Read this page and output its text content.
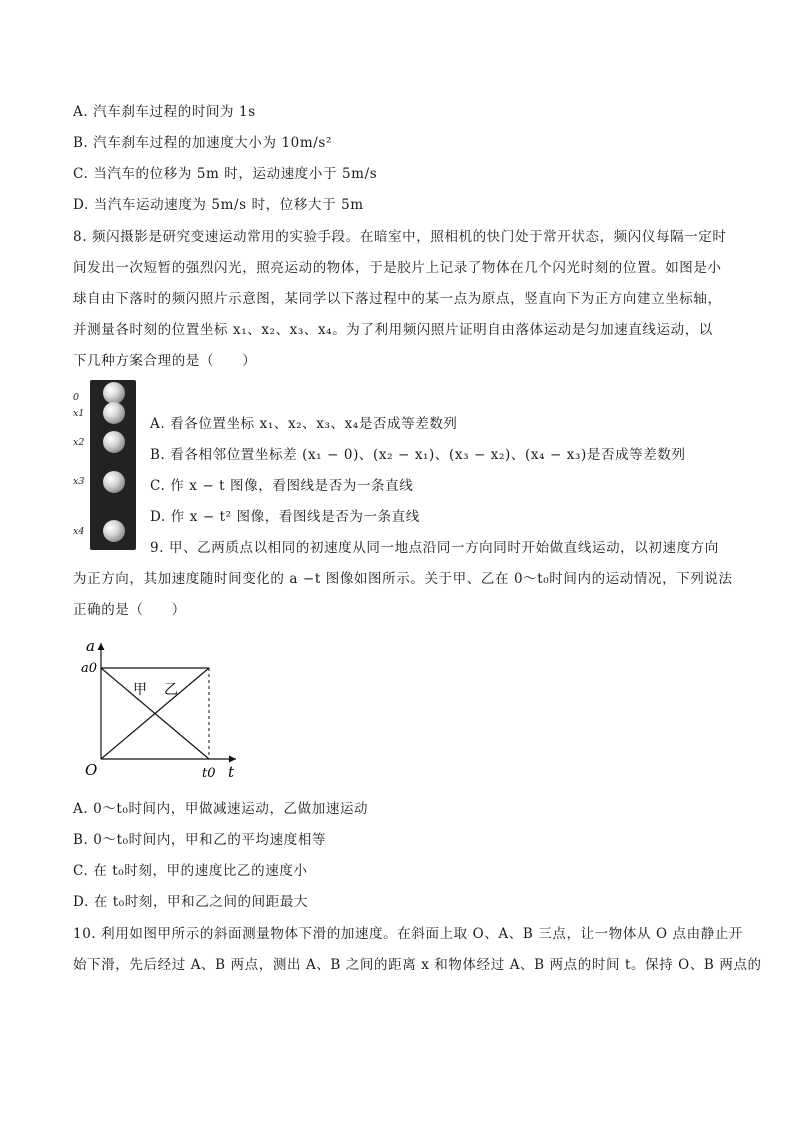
A. 汽车刹车过程的时间为 1s
B. 汽车刹车过程的加速度大小为 10m/s²
C. 当汽车的位移为 5m 时，运动速度小于 5m/s
D. 当汽车运动速度为 5m/s 时，位移大于 5m
8. 频闪摄影是研究变速运动常用的实验手段。在暗室中，照相机的快门处于常开状态，频闪仪每隔一定时
间发出一次短暂的强烈闪光，照亮运动的物体，于是胶片上记录了物体在几个闪光时刻的位置。如图是小
球自由下落时的频闪照片示意图，某同学以下落过程中的某一点为原点，竖直向下为正方向建立坐标轴，
并测量各时刻的位置坐标 x₁、x₂、x₃、x₄。为了利用频闪照片证明自由落体运动是匀加速直线运动，以
下几种方案合理的是（　　）
0
x1
x2
x3
x4
A. 看各位置坐标 x₁、x₂、x₃、x₄是否成等差数列
B. 看各相邻位置坐标差 (x₁ − 0)、(x₂ − x₁)、(x₃ − x₂)、(x₄ − x₃)是否成等差数列
C. 作 x − t 图像，看图线是否为一条直线
D. 作 x − t² 图像，看图线是否为一条直线
9. 甲、乙两质点以相同的初速度从同一地点沿同一方向同时开始做直线运动，以初速度方向
为正方向，其加速度随时间变化的 a −t 图像如图所示。关于甲、乙在 0～t₀时间内的运动情况，下列说法
正确的是（　　）
a
a0
O	t0 t
甲 乙
A. 0～t₀时间内，甲做减速运动，乙做加速运动
B. 0～t₀时间内，甲和乙的平均速度相等
C. 在 t₀时刻，甲的速度比乙的速度小
D. 在 t₀时刻，甲和乙之间的间距最大
10. 利用如图甲所示的斜面测量物体下滑的加速度。在斜面上取 O、A、B 三点，让一物体从 O 点由静止开
始下滑，先后经过 A、B 两点，测出 A、B 之间的距离 x 和物体经过 A、B 两点的时间 t。保持 O、B 两点的
